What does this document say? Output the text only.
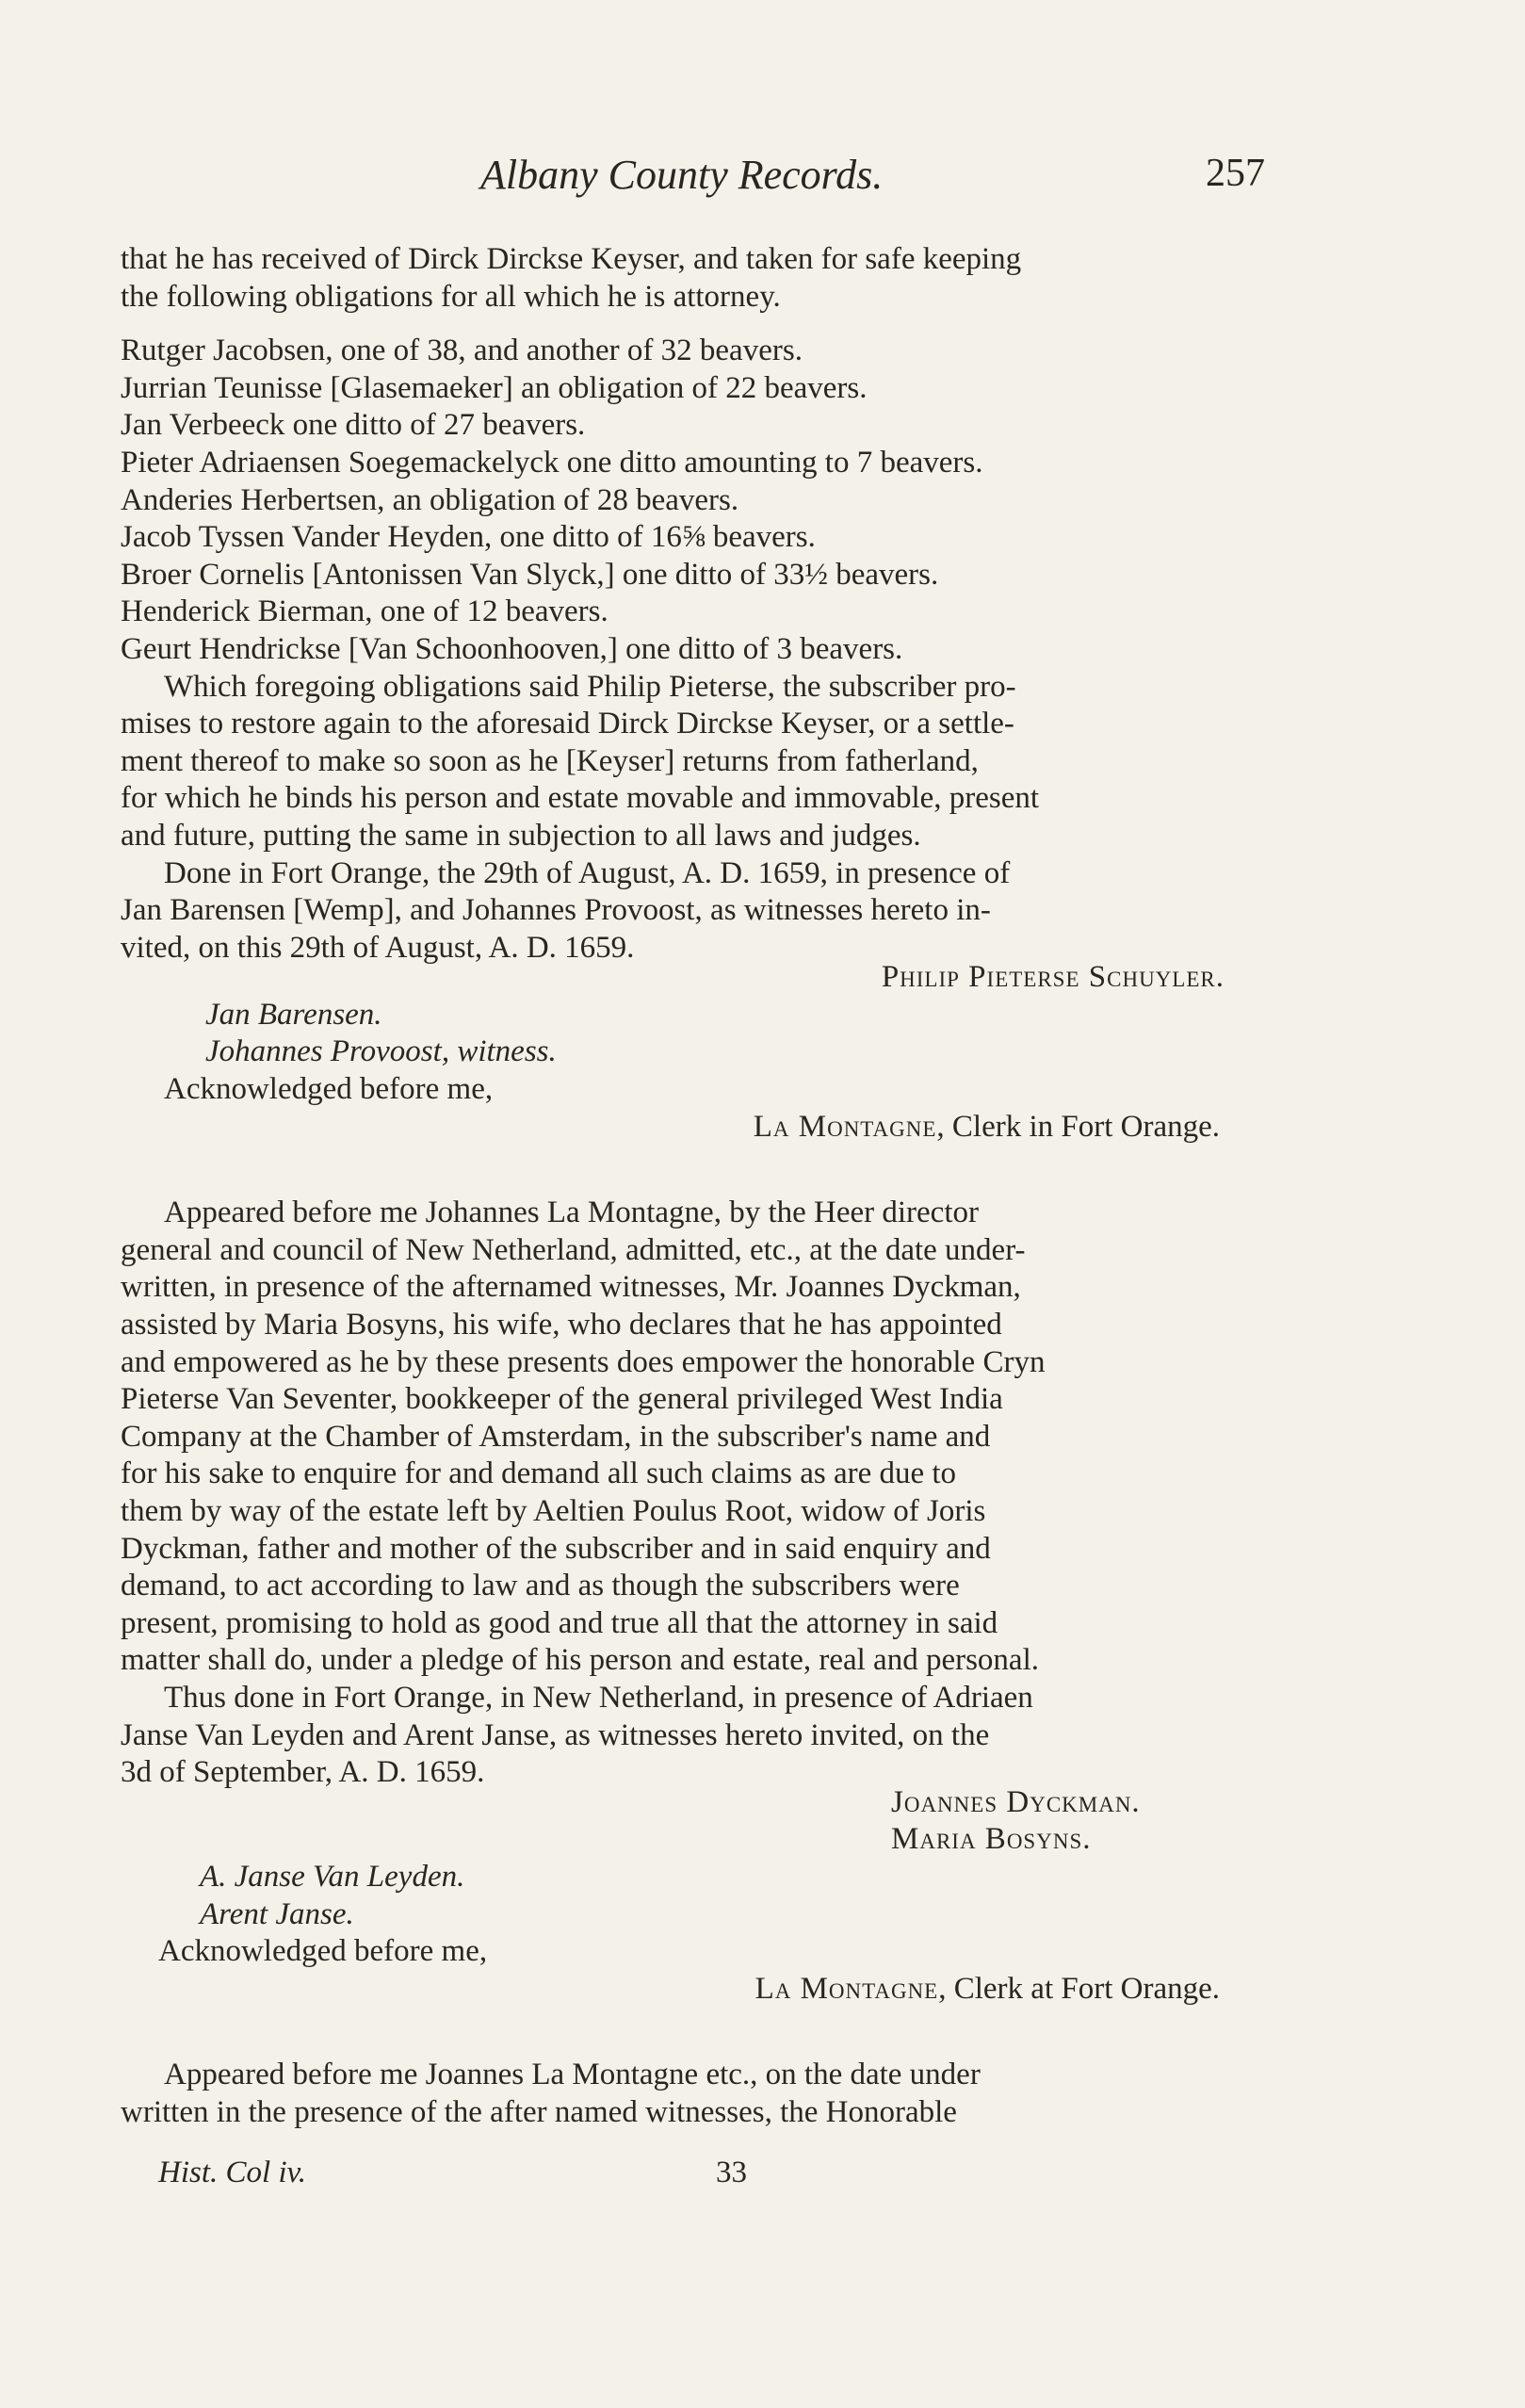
Albany County Records.	257
that he has received of Dirck Dirckse Keyser, and taken for safe keeping
the following obligations for all which he is attorney.
Rutger Jacobsen, one of 38, and another of 32 beavers.
Jurrian Teunisse [Glasemaeker] an obligation of 22 beavers.
Jan Verbeeck one ditto of 27 beavers.
Pieter Adriaensen Soegemackelyck one ditto amounting to 7 beavers.
Anderies Herbertsen, an obligation of 28 beavers.
Jacob Tyssen Vander Heyden, one ditto of 16⅝ beavers.
Broer Cornelis [Antonissen Van Slyck,] one ditto of 33½ beavers.
Henderick Bierman, one of 12 beavers.
Geurt Hendrickse [Van Schoonhooven,] one ditto of 3 beavers.
Which foregoing obligations said Philip Pieterse, the subscriber pro-
mises to restore again to the aforesaid Dirck Dirckse Keyser, or a settle-
ment thereof to make so soon as he [Keyser] returns from fatherland,
for which he binds his person and estate movable and immovable, present
and future, putting the same in subjection to all laws and judges.
Done in Fort Orange, the 29th of August, A. D. 1659, in presence of
Jan Barensen [Wemp], and Johannes Provoost, as witnesses hereto in-
vited, on this 29th of August, A. D. 1659.
Philip Pieterse Schuyler.
Jan Barensen.
Johannes Provoost, witness.
Acknowledged before me,
La Montagne, Clerk in Fort Orange.
Appeared before me Johannes La Montagne, by the Heer director
general and council of New Netherland, admitted, etc., at the date under-
written, in presence of the afternamed witnesses, Mr. Joannes Dyckman,
assisted by Maria Bosyns, his wife, who declares that he has appointed
and empowered as he by these presents does empower the honorable Cryn
Pieterse Van Seventer, bookkeeper of the general privileged West India
Company at the Chamber of Amsterdam, in the subscriber's name and
for his sake to enquire for and demand all such claims as are due to
them by way of the estate left by Aeltien Poulus Root, widow of Joris
Dyckman, father and mother of the subscriber and in said enquiry and
demand, to act according to law and as though the subscribers were
present, promising to hold as good and true all that the attorney in said
matter shall do, under a pledge of his person and estate, real and personal.
Thus done in Fort Orange, in New Netherland, in presence of Adriaen
Janse Van Leyden and Arent Janse, as witnesses hereto invited, on the
3d of September, A. D. 1659.
Joannes Dyckman.
Maria Bosyns.
A. Janse Van Leyden.
Arent Janse.
Acknowledged before me,
La Montagne, Clerk at Fort Orange.
Appeared before me Joannes La Montagne etc., on the date under
written in the presence of the after named witnesses, the Honorable
Hist. Col iv.	33
